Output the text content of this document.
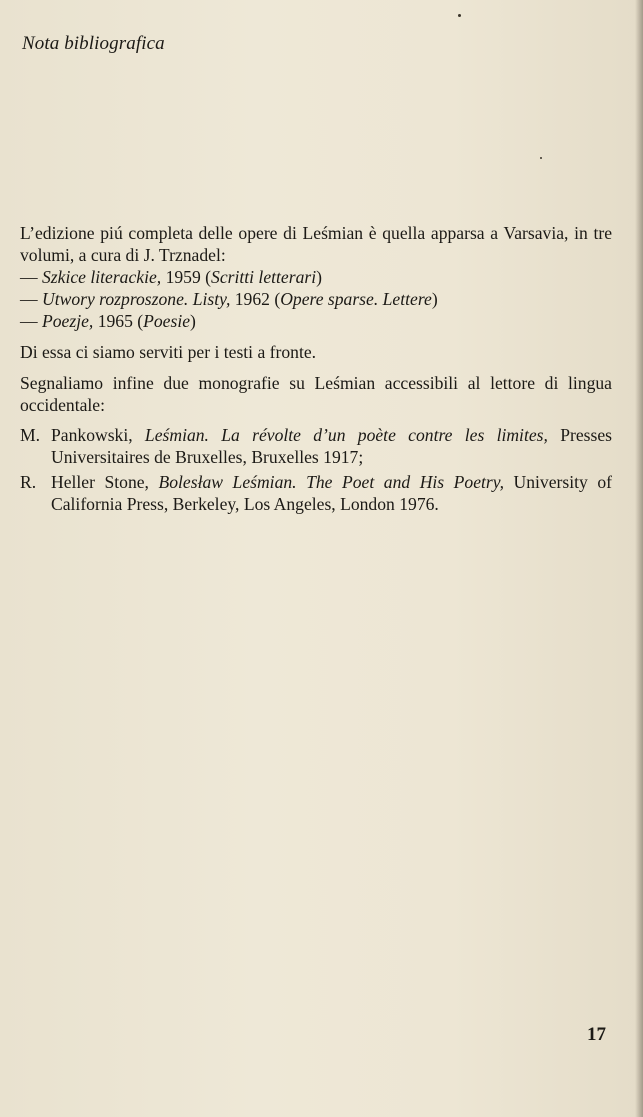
Nota bibliografica

L’edizione piú completa delle opere di Leśmian è quella apparsa a Varsavia, in tre volumi, a cura di J. Trznadel:

— Szkice literackie, 1959 (Scritti letterari)
— Utwory rozproszone. Listy, 1962 (Opere sparse. Lettere)
— Poezje, 1965 (Poesie)

Di essa ci siamo serviti per i testi a fronte.

Segnaliamo infine due monografie su Leśmian accessibili al lettore di lingua occidentale:

M. Pankowski, Leśmian. La révolte d’un poète contre les limites, Presses Universitaires de Bruxelles, Bruxelles 1917;
R. Heller Stone, Bolesław Leśmian. The Poet and His Poetry, University of California Press, Berkeley, Los Angeles, London 1976.
17
